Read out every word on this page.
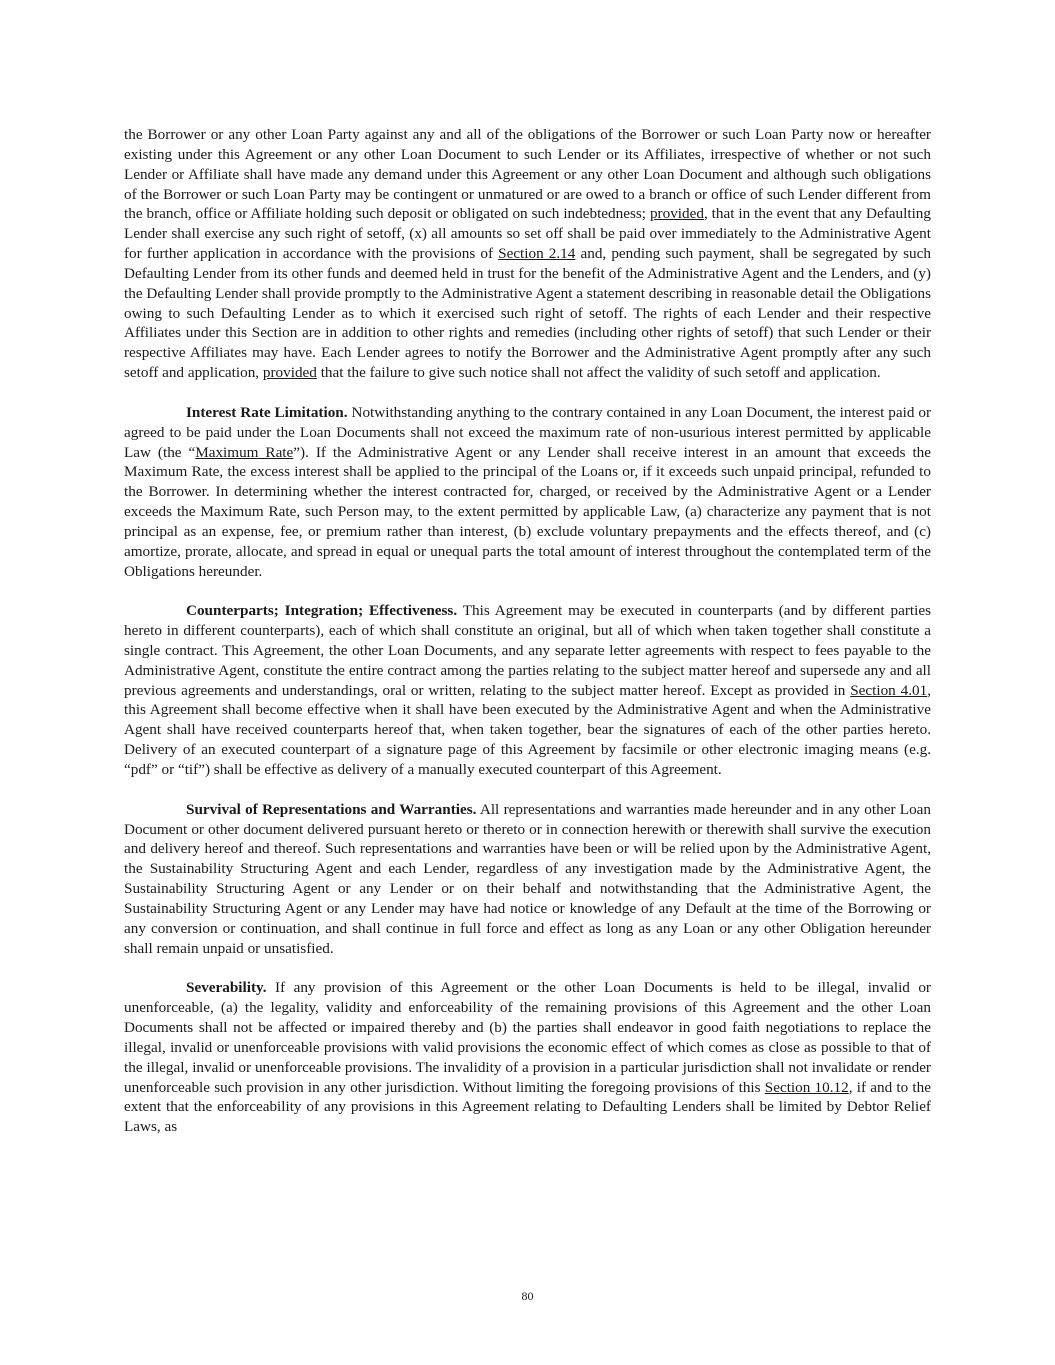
the Borrower or any other Loan Party against any and all of the obligations of the Borrower or such Loan Party now or hereafter existing under this Agreement or any other Loan Document to such Lender or its Affiliates, irrespective of whether or not such Lender or Affiliate shall have made any demand under this Agreement or any other Loan Document and although such obligations of the Borrower or such Loan Party may be contingent or unmatured or are owed to a branch or office of such Lender different from the branch, office or Affiliate holding such deposit or obligated on such indebtedness; provided, that in the event that any Defaulting Lender shall exercise any such right of setoff, (x) all amounts so set off shall be paid over immediately to the Administrative Agent for further application in accordance with the provisions of Section 2.14 and, pending such payment, shall be segregated by such Defaulting Lender from its other funds and deemed held in trust for the benefit of the Administrative Agent and the Lenders, and (y) the Defaulting Lender shall provide promptly to the Administrative Agent a statement describing in reasonable detail the Obligations owing to such Defaulting Lender as to which it exercised such right of setoff. The rights of each Lender and their respective Affiliates under this Section are in addition to other rights and remedies (including other rights of setoff) that such Lender or their respective Affiliates may have. Each Lender agrees to notify the Borrower and the Administrative Agent promptly after any such setoff and application, provided that the failure to give such notice shall not affect the validity of such setoff and application.

Interest Rate Limitation. Notwithstanding anything to the contrary contained in any Loan Document, the interest paid or agreed to be paid under the Loan Documents shall not exceed the maximum rate of non-usurious interest permitted by applicable Law (the “Maximum Rate”). If the Administrative Agent or any Lender shall receive interest in an amount that exceeds the Maximum Rate, the excess interest shall be applied to the principal of the Loans or, if it exceeds such unpaid principal, refunded to the Borrower. In determining whether the interest contracted for, charged, or received by the Administrative Agent or a Lender exceeds the Maximum Rate, such Person may, to the extent permitted by applicable Law, (a) characterize any payment that is not principal as an expense, fee, or premium rather than interest, (b) exclude voluntary prepayments and the effects thereof, and (c) amortize, prorate, allocate, and spread in equal or unequal parts the total amount of interest throughout the contemplated term of the Obligations hereunder.

Counterparts; Integration; Effectiveness. This Agreement may be executed in counterparts (and by different parties hereto in different counterparts), each of which shall constitute an original, but all of which when taken together shall constitute a single contract. This Agreement, the other Loan Documents, and any separate letter agreements with respect to fees payable to the Administrative Agent, constitute the entire contract among the parties relating to the subject matter hereof and supersede any and all previous agreements and understandings, oral or written, relating to the subject matter hereof. Except as provided in Section 4.01, this Agreement shall become effective when it shall have been executed by the Administrative Agent and when the Administrative Agent shall have received counterparts hereof that, when taken together, bear the signatures of each of the other parties hereto. Delivery of an executed counterpart of a signature page of this Agreement by facsimile or other electronic imaging means (e.g. “pdf” or “tif”) shall be effective as delivery of a manually executed counterpart of this Agreement.

Survival of Representations and Warranties. All representations and warranties made hereunder and in any other Loan Document or other document delivered pursuant hereto or thereto or in connection herewith or therewith shall survive the execution and delivery hereof and thereof. Such representations and warranties have been or will be relied upon by the Administrative Agent, the Sustainability Structuring Agent and each Lender, regardless of any investigation made by the Administrative Agent, the Sustainability Structuring Agent or any Lender or on their behalf and notwithstanding that the Administrative Agent, the Sustainability Structuring Agent or any Lender may have had notice or knowledge of any Default at the time of the Borrowing or any conversion or continuation, and shall continue in full force and effect as long as any Loan or any other Obligation hereunder shall remain unpaid or unsatisfied.

Severability. If any provision of this Agreement or the other Loan Documents is held to be illegal, invalid or unenforceable, (a) the legality, validity and enforceability of the remaining provisions of this Agreement and the other Loan Documents shall not be affected or impaired thereby and (b) the parties shall endeavor in good faith negotiations to replace the illegal, invalid or unenforceable provisions with valid provisions the economic effect of which comes as close as possible to that of the illegal, invalid or unenforceable provisions. The invalidity of a provision in a particular jurisdiction shall not invalidate or render unenforceable such provision in any other jurisdiction. Without limiting the foregoing provisions of this Section 10.12, if and to the extent that the enforceability of any provisions in this Agreement relating to Defaulting Lenders shall be limited by Debtor Relief Laws, as

80
